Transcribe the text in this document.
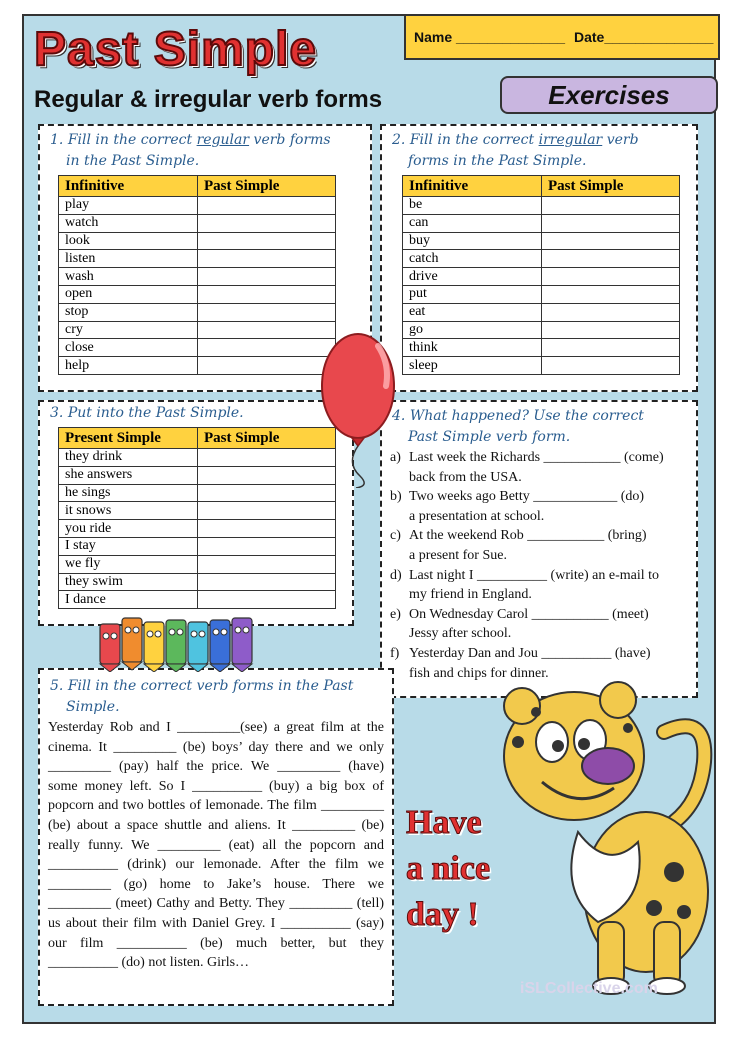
Past Simple
Regular & irregular verb forms
Name ______________ Date______________
Exercises
1. Fill in the correct regular verb forms
in the Past Simple.
Infinitive	Past Simple
play	
watch	
look	
listen	
wash	
open	
stop	
cry	
close	
help	
2. Fill in the correct irregular verb
forms in the Past Simple.
Infinitive	Past Simple
be	
can	
buy	
catch	
drive	
put	
eat	
go	
think	
sleep	
3. Put into the Past Simple.
Present Simple	Past Simple
they drink	
she answers	
he sings	
it snows	
you ride	
I stay	
we fly	
they swim	
I dance	
4. What happened? Use the correct
Past Simple verb form.
a) Last week the Richards ___________ (come)
back from the USA.
b) Two weeks ago Betty ____________ (do)
a presentation at school.
c) At the weekend Rob ___________ (bring)
a present for Sue.
d) Last night I __________ (write) an e-mail to
my friend in England.
e) On Wednesday Carol ___________ (meet)
Jessy after school.
f) Yesterday Dan and Jou __________ (have)
fish and chips for dinner.
5. Fill in the correct verb forms in the Past
Simple.
Yesterday Rob and I _________(see) a great film at the cinema. It _________ (be) boys’ day there and we only _________ (pay) half the price. We _________ (have) some money left. So I __________ (buy) a big box of popcorn and two bottles of lemonade. The film _________ (be) about a space shuttle and aliens. It _________ (be) really funny. We _________ (eat) all the popcorn and __________ (drink) our lemonade. After the film we _________ (go) home to Jake’s house. There we _________ (meet) Cathy and Betty. They _________ (tell) us about their film with Daniel Grey. I __________ (say) our film __________ (be) much better, but they __________ (do) not listen. Girls…
Have
a nice
day !
iSLCollective.com
